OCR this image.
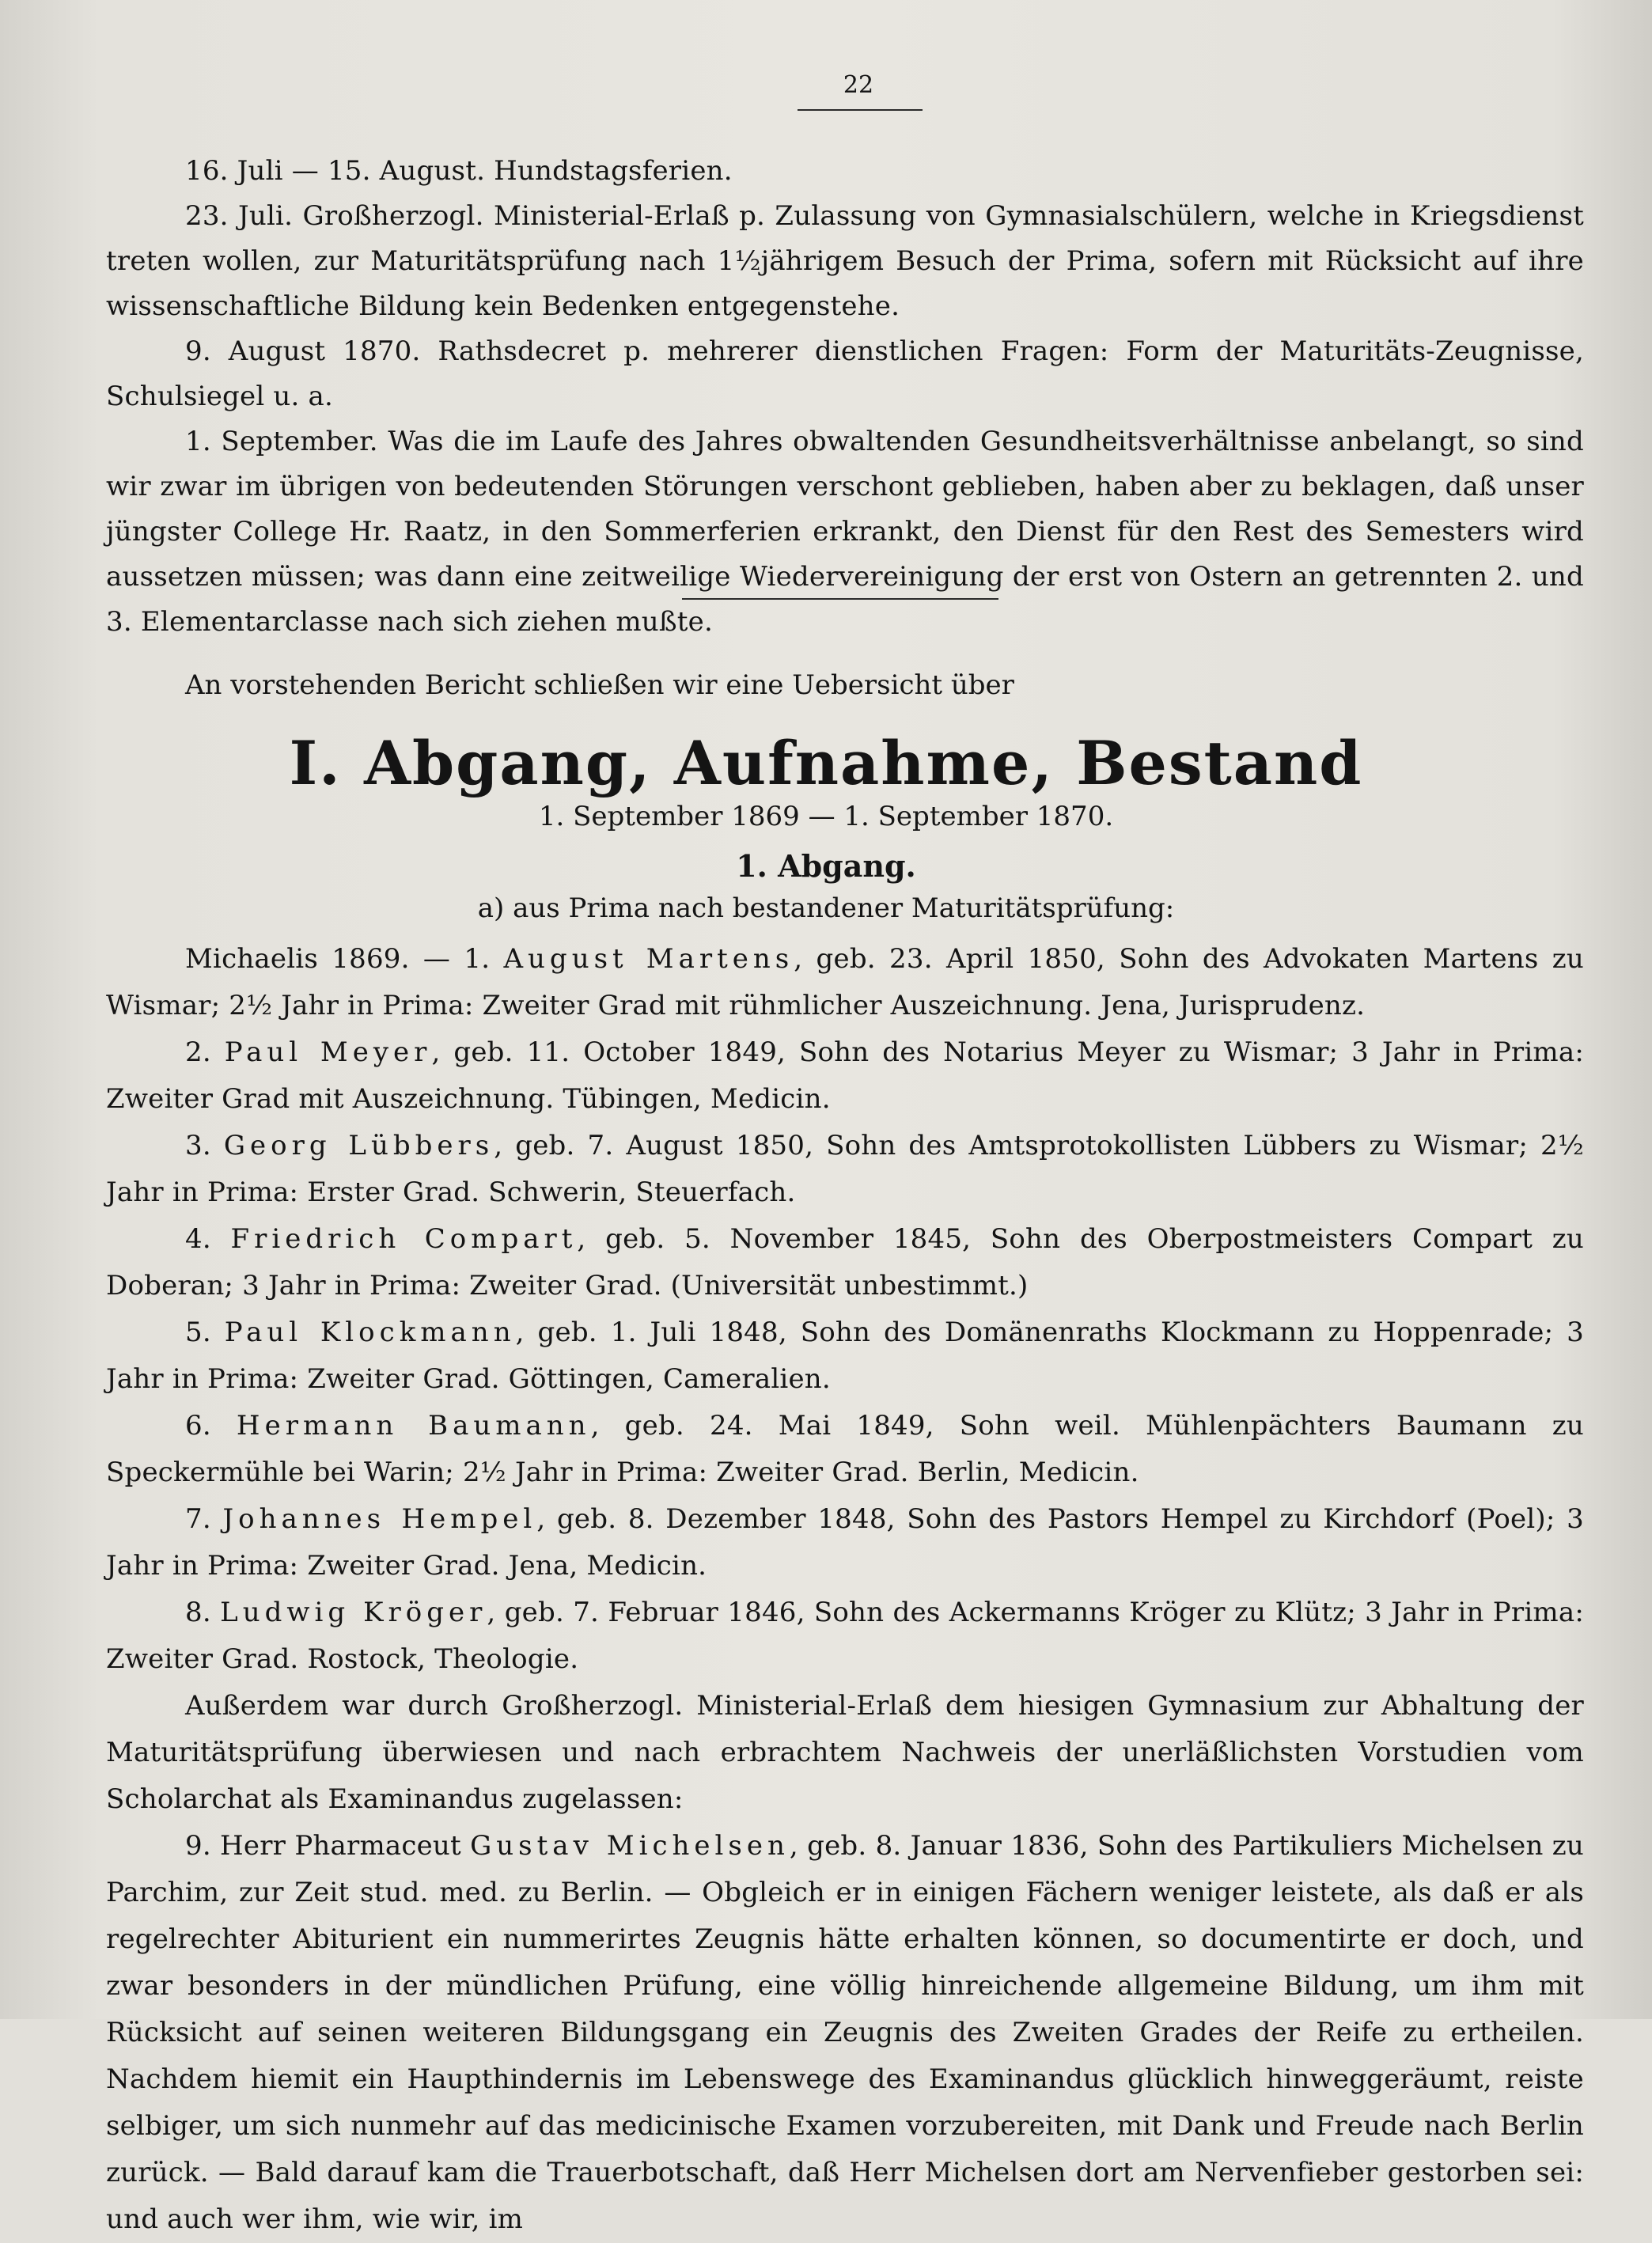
22

16. Juli — 15. August. Hundstagsferien.

23. Juli. Großherzogl. Ministerial-Erlaß p. Zulassung von Gymnasialschülern, welche in Kriegsdienst treten wollen, zur Maturitätsprüfung nach 1½jährigem Besuch der Prima, sofern mit Rücksicht auf ihre wissenschaftliche Bildung kein Bedenken entgegenstehe.

9. August 1870. Rathsdecret p. mehrerer dienstlichen Fragen: Form der Maturitäts-Zeugnisse, Schulsiegel u. a.

1. September. Was die im Laufe des Jahres obwaltenden Gesundheitsverhältnisse anbelangt, so sind wir zwar im übrigen von bedeutenden Störungen verschont geblieben, haben aber zu beklagen, daß unser jüngster College Hr. Raatz, in den Sommerferien erkrankt, den Dienst für den Rest des Semesters wird aussetzen müssen; was dann eine zeitweilige Wiedervereinigung der erst von Ostern an getrennten 2. und 3. Elementarclasse nach sich ziehen mußte.

An vorstehenden Bericht schließen wir eine Uebersicht über
I. Abgang, Aufnahme, Bestand
1. September 1869 — 1. September 1870.
1. Abgang.
a) aus Prima nach bestandener Maturitätsprüfung:

Michaelis 1869. — 1. August Martens, geb. 23. April 1850, Sohn des Advokaten Martens zu Wismar; 2½ Jahr in Prima: Zweiter Grad mit rühmlicher Auszeichnung. Jena, Jurisprudenz.

2. Paul Meyer, geb. 11. October 1849, Sohn des Notarius Meyer zu Wismar; 3 Jahr in Prima: Zweiter Grad mit Auszeichnung. Tübingen, Medicin.

3. Georg Lübbers, geb. 7. August 1850, Sohn des Amtsprotokollisten Lübbers zu Wismar; 2½ Jahr in Prima: Erster Grad. Schwerin, Steuerfach.

4. Friedrich Compart, geb. 5. November 1845, Sohn des Oberpostmeisters Compart zu Doberan; 3 Jahr in Prima: Zweiter Grad. (Universität unbestimmt.)

5. Paul Klockmann, geb. 1. Juli 1848, Sohn des Domänenraths Klockmann zu Hoppenrade; 3 Jahr in Prima: Zweiter Grad. Göttingen, Cameralien.

6. Hermann Baumann, geb. 24. Mai 1849, Sohn weil. Mühlenpächters Baumann zu Speckermühle bei Warin; 2½ Jahr in Prima: Zweiter Grad. Berlin, Medicin.

7. Johannes Hempel, geb. 8. Dezember 1848, Sohn des Pastors Hempel zu Kirchdorf (Poel); 3 Jahr in Prima: Zweiter Grad. Jena, Medicin.

8. Ludwig Kröger, geb. 7. Februar 1846, Sohn des Ackermanns Kröger zu Klütz; 3 Jahr in Prima: Zweiter Grad. Rostock, Theologie.

Außerdem war durch Großherzogl. Ministerial-Erlaß dem hiesigen Gymnasium zur Abhaltung der Maturitätsprüfung überwiesen und nach erbrachtem Nachweis der unerläßlichsten Vorstudien vom Scholarchat als Examinandus zugelassen:

9. Herr Pharmaceut Gustav Michelsen, geb. 8. Januar 1836, Sohn des Partikuliers Michelsen zu Parchim, zur Zeit stud. med. zu Berlin. — Obgleich er in einigen Fächern weniger leistete, als daß er als regelrechter Abiturient ein nummerirtes Zeugnis hätte erhalten können, so documentirte er doch, und zwar besonders in der mündlichen Prüfung, eine völlig hinreichende allgemeine Bildung, um ihm mit Rücksicht auf seinen weiteren Bildungsgang ein Zeugnis des Zweiten Grades der Reife zu ertheilen. Nachdem hiemit ein Haupthindernis im Lebenswege des Examinandus glücklich hinweggeräumt, reiste selbiger, um sich nunmehr auf das medicinische Examen vorzubereiten, mit Dank und Freude nach Berlin zurück. — Bald darauf kam die Trauerbotschaft, daß Herr Michelsen dort am Nervenfieber gestorben sei: und auch wer ihm, wie wir, im
